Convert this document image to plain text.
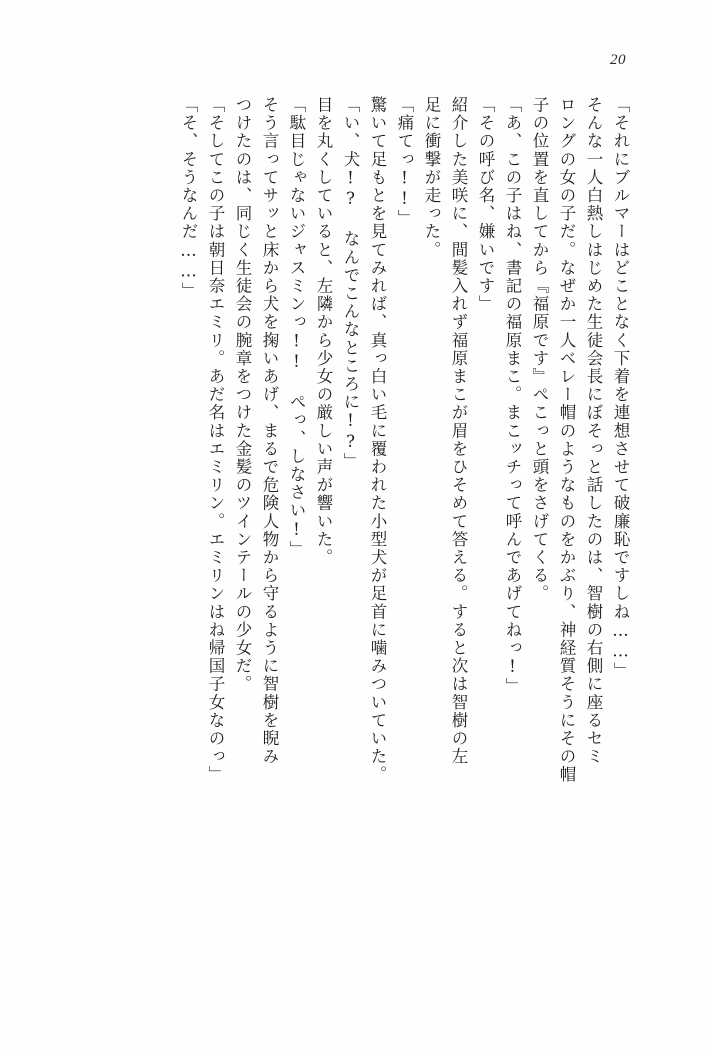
20
「それにブルマーはどことなく下着を連想させて破廉恥ですしね……」
そんな一人白熱しはじめた生徒会長にぼそっと話したのは、智樹の右側に座るセミ
ロングの女の子だ。なぜか一人ベレー帽のようなものをかぶり、神経質そうにその帽
子の位置を直してから『福原です』ぺこっと頭をさげてくる。
「あ、この子はね、書記の福原まこ。まこッチって呼んであげてねっ!」
「その呼び名、嫌いです」
紹介した美咲に、間髪入れず福原まこが眉をひそめて答える。すると次は智樹の左
足に衝撃が走った。
「痛てっ!!」
驚いて足もとを見てみれば、真っ白い毛に覆われた小型犬が足首に噛みついていた。
「い、犬!? なんでこんなところに!?」
目を丸くしていると、左隣から少女の厳しい声が響いた。
「駄目じゃないジャスミンっ!! ぺっ、しなさい!」
そう言ってサッと床から犬を掬いあげ、まるで危険人物から守るように智樹を睨み
つけたのは、同じく生徒会の腕章をつけた金髪のツインテールの少女だ。
「そしてこの子は朝日奈エミリ。あだ名はエミリン。エミリンはね帰国子女なのっ」
「そ、そうなんだ……」
